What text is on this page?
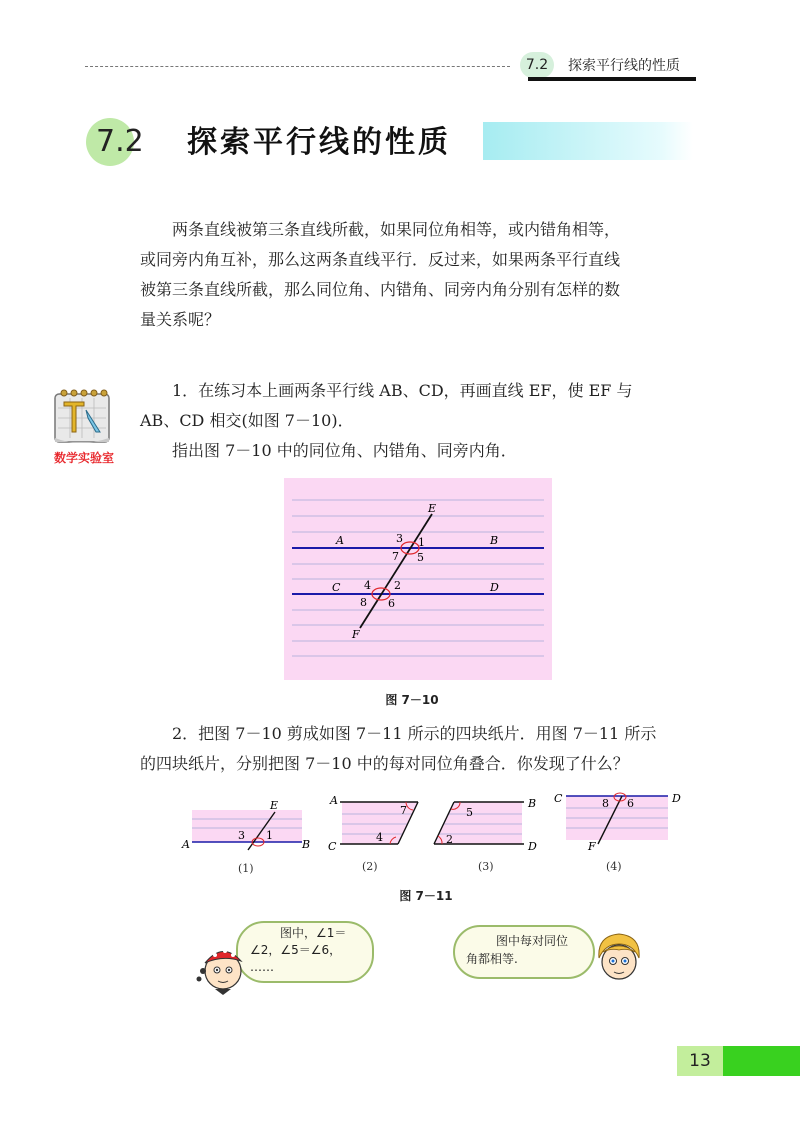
7.2	探索平行线的性质
7.2 探索平行线的性质
两条直线被第三条直线所截，如果同位角相等，或内错角相等，
或同旁内角互补，那么这两条直线平行．反过来，如果两条平行直线
被第三条直线所截，那么同位角、内错角、同旁内角分别有怎样的数
量关系呢？
数学实验室
1．在练习本上画两条平行线 AB、CD，再画直线 EF，使 EF 与
AB、CD 相交(如图 7－10)．
指出图 7－10 中的同位角、内错角、同旁内角．
A	B
C	D
E
F
3 1
7 5
4 2
8 6
图 7－10
2．把图 7－10 剪成如图 7－11 所示的四块纸片．用图 7－11 所示
的四块纸片，分别把图 7－10 中的每对同位角叠合．你发现了什么？
E
A	B
3 1
A
C
7
4
B
D
5
2
C	D
F
8 6
(1)	(2)	(3)	(4)
图 7－11
图中，∠1＝
∠2，∠5＝∠6，
……
图中每对同位
角都相等.
13
